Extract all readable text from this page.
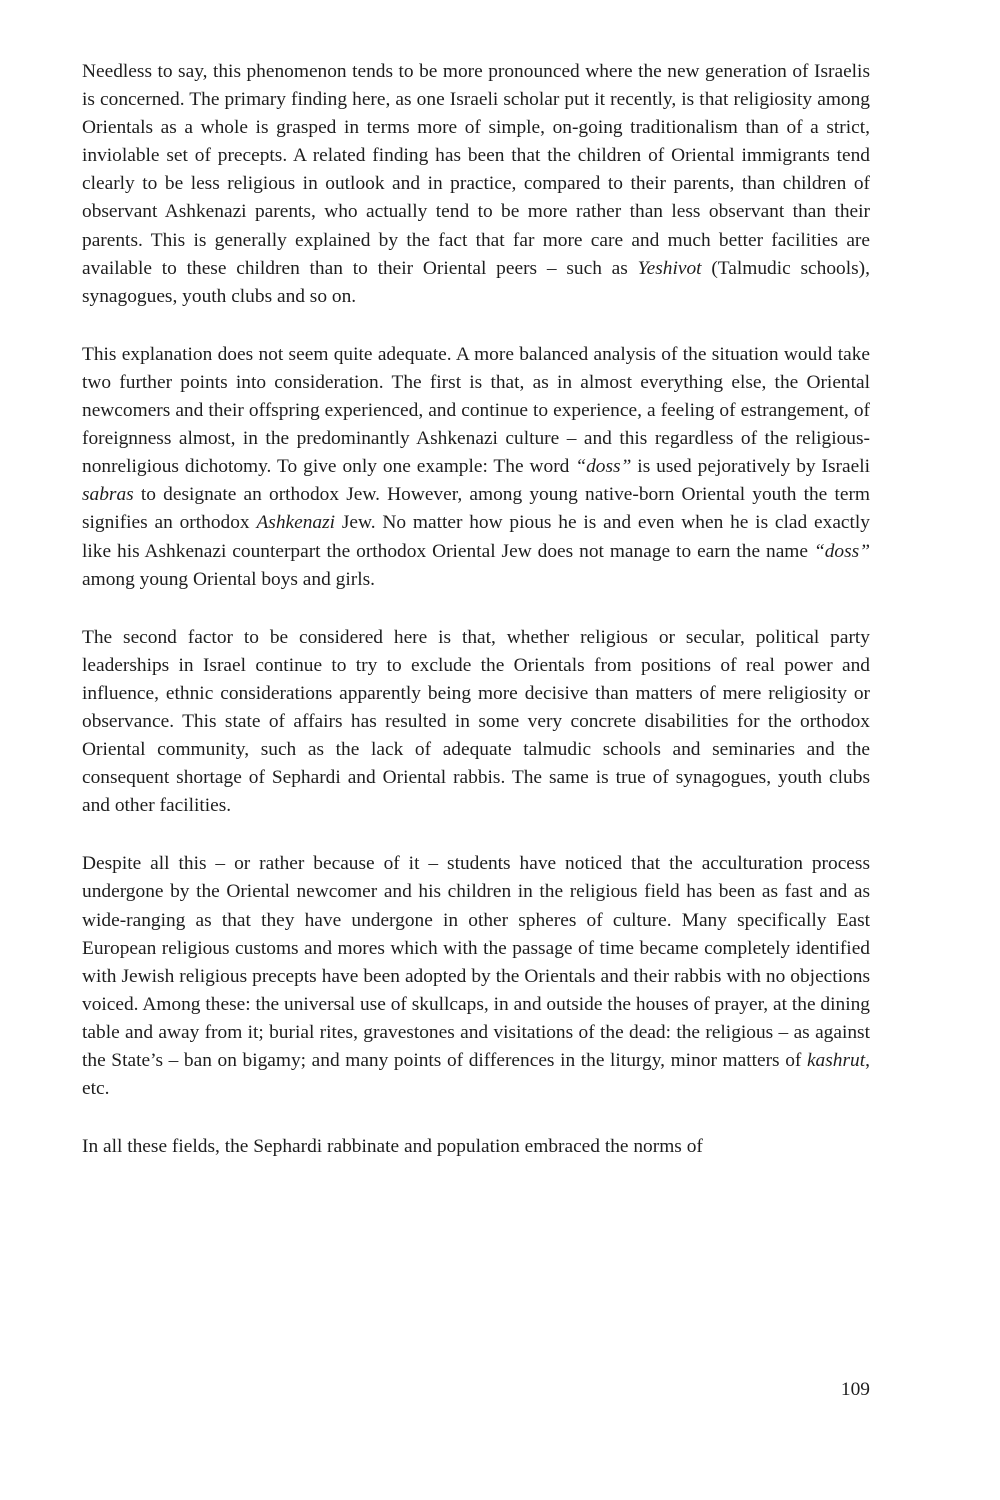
Needless to say, this phenomenon tends to be more pronounced where the new generation of Israelis is concerned. The primary finding here, as one Israeli scholar put it recently, is that religiosity among Orientals as a whole is grasped in terms more of simple, on-going traditionalism than of a strict, inviolable set of precepts. A related finding has been that the children of Oriental immigrants tend clearly to be less religious in outlook and in practice, compared to their parents, than children of observant Ashkenazi parents, who actually tend to be more rather than less observant than their parents. This is generally explained by the fact that far more care and much better facilities are available to these children than to their Oriental peers – such as Yeshivot (Talmudic schools), synagogues, youth clubs and so on.

This explanation does not seem quite adequate. A more balanced analysis of the situation would take two further points into consideration. The first is that, as in almost everything else, the Oriental newcomers and their offspring experienced, and continue to experience, a feeling of estrangement, of foreignness almost, in the predominantly Ashkenazi culture – and this regardless of the religious-nonreligious dichotomy. To give only one example: The word “doss” is used pejoratively by Israeli sabras to designate an orthodox Jew. However, among young native-born Oriental youth the term signifies an orthodox Ashkenazi Jew. No matter how pious he is and even when he is clad exactly like his Ashkenazi counterpart the orthodox Oriental Jew does not manage to earn the name “doss” among young Oriental boys and girls.

The second factor to be considered here is that, whether religious or secular, political party leaderships in Israel continue to try to exclude the Orientals from positions of real power and influence, ethnic considerations apparently being more decisive than matters of mere religiosity or observance. This state of affairs has resulted in some very concrete disabilities for the orthodox Oriental community, such as the lack of adequate talmudic schools and seminaries and the consequent shortage of Sephardi and Oriental rabbis. The same is true of synagogues, youth clubs and other facilities.

Despite all this – or rather because of it – students have noticed that the acculturation process undergone by the Oriental newcomer and his children in the religious field has been as fast and as wide-ranging as that they have undergone in other spheres of culture. Many specifically East European religious customs and mores which with the passage of time became completely identified with Jewish religious precepts have been adopted by the Orientals and their rabbis with no objections voiced. Among these: the universal use of skullcaps, in and outside the houses of prayer, at the dining table and away from it; burial rites, gravestones and visitations of the dead: the religious – as against the State’s – ban on bigamy; and many points of differences in the liturgy, minor matters of kashrut, etc.

In all these fields, the Sephardi rabbinate and population embraced the norms of

109
